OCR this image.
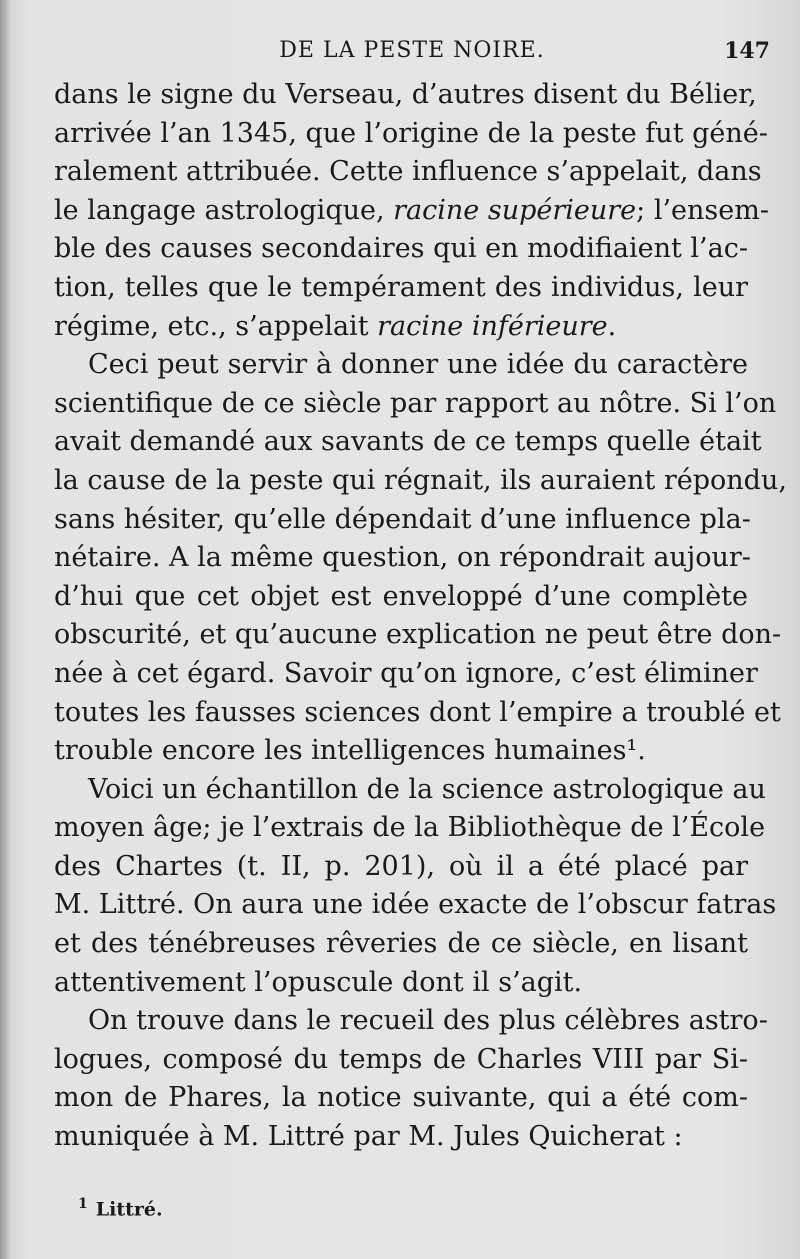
DE LA PESTE NOIRE.	147
dans le signe du Verseau, d’autres disent du Bélier,
arrivée l’an 1345, que l’origine de la peste fut géné-
ralement attribuée. Cette influence s’appelait, dans
le langage astrologique, racine supérieure; l’ensem-
ble des causes secondaires qui en modifiaient l’ac-
tion, telles que le tempérament des individus, leur
régime, etc., s’appelait racine inférieure.
Ceci peut servir à donner une idée du caractère
scientifique de ce siècle par rapport au nôtre. Si l’on
avait demandé aux savants de ce temps quelle était
la cause de la peste qui régnait, ils auraient répondu,
sans hésiter, qu’elle dépendait d’une influence pla-
nétaire. A la même question, on répondrait aujour-
d’hui que cet objet est enveloppé d’une complète
obscurité, et qu’aucune explication ne peut être don-
née à cet égard. Savoir qu’on ignore, c’est éliminer
toutes les fausses sciences dont l’empire a troublé et
trouble encore les intelligences humaines¹.
Voici un échantillon de la science astrologique au
moyen âge; je l’extrais de la Bibliothèque de l’École
des Chartes (t. II, p. 201), où il a été placé par
M. Littré. On aura une idée exacte de l’obscur fatras
et des ténébreuses rêveries de ce siècle, en lisant
attentivement l’opuscule dont il s’agit.
On trouve dans le recueil des plus célèbres astro-
logues, composé du temps de Charles VIII par Si-
mon de Phares, la notice suivante, qui a été com-
muniquée à M. Littré par M. Jules Quicherat :
$^1$ Littré.
